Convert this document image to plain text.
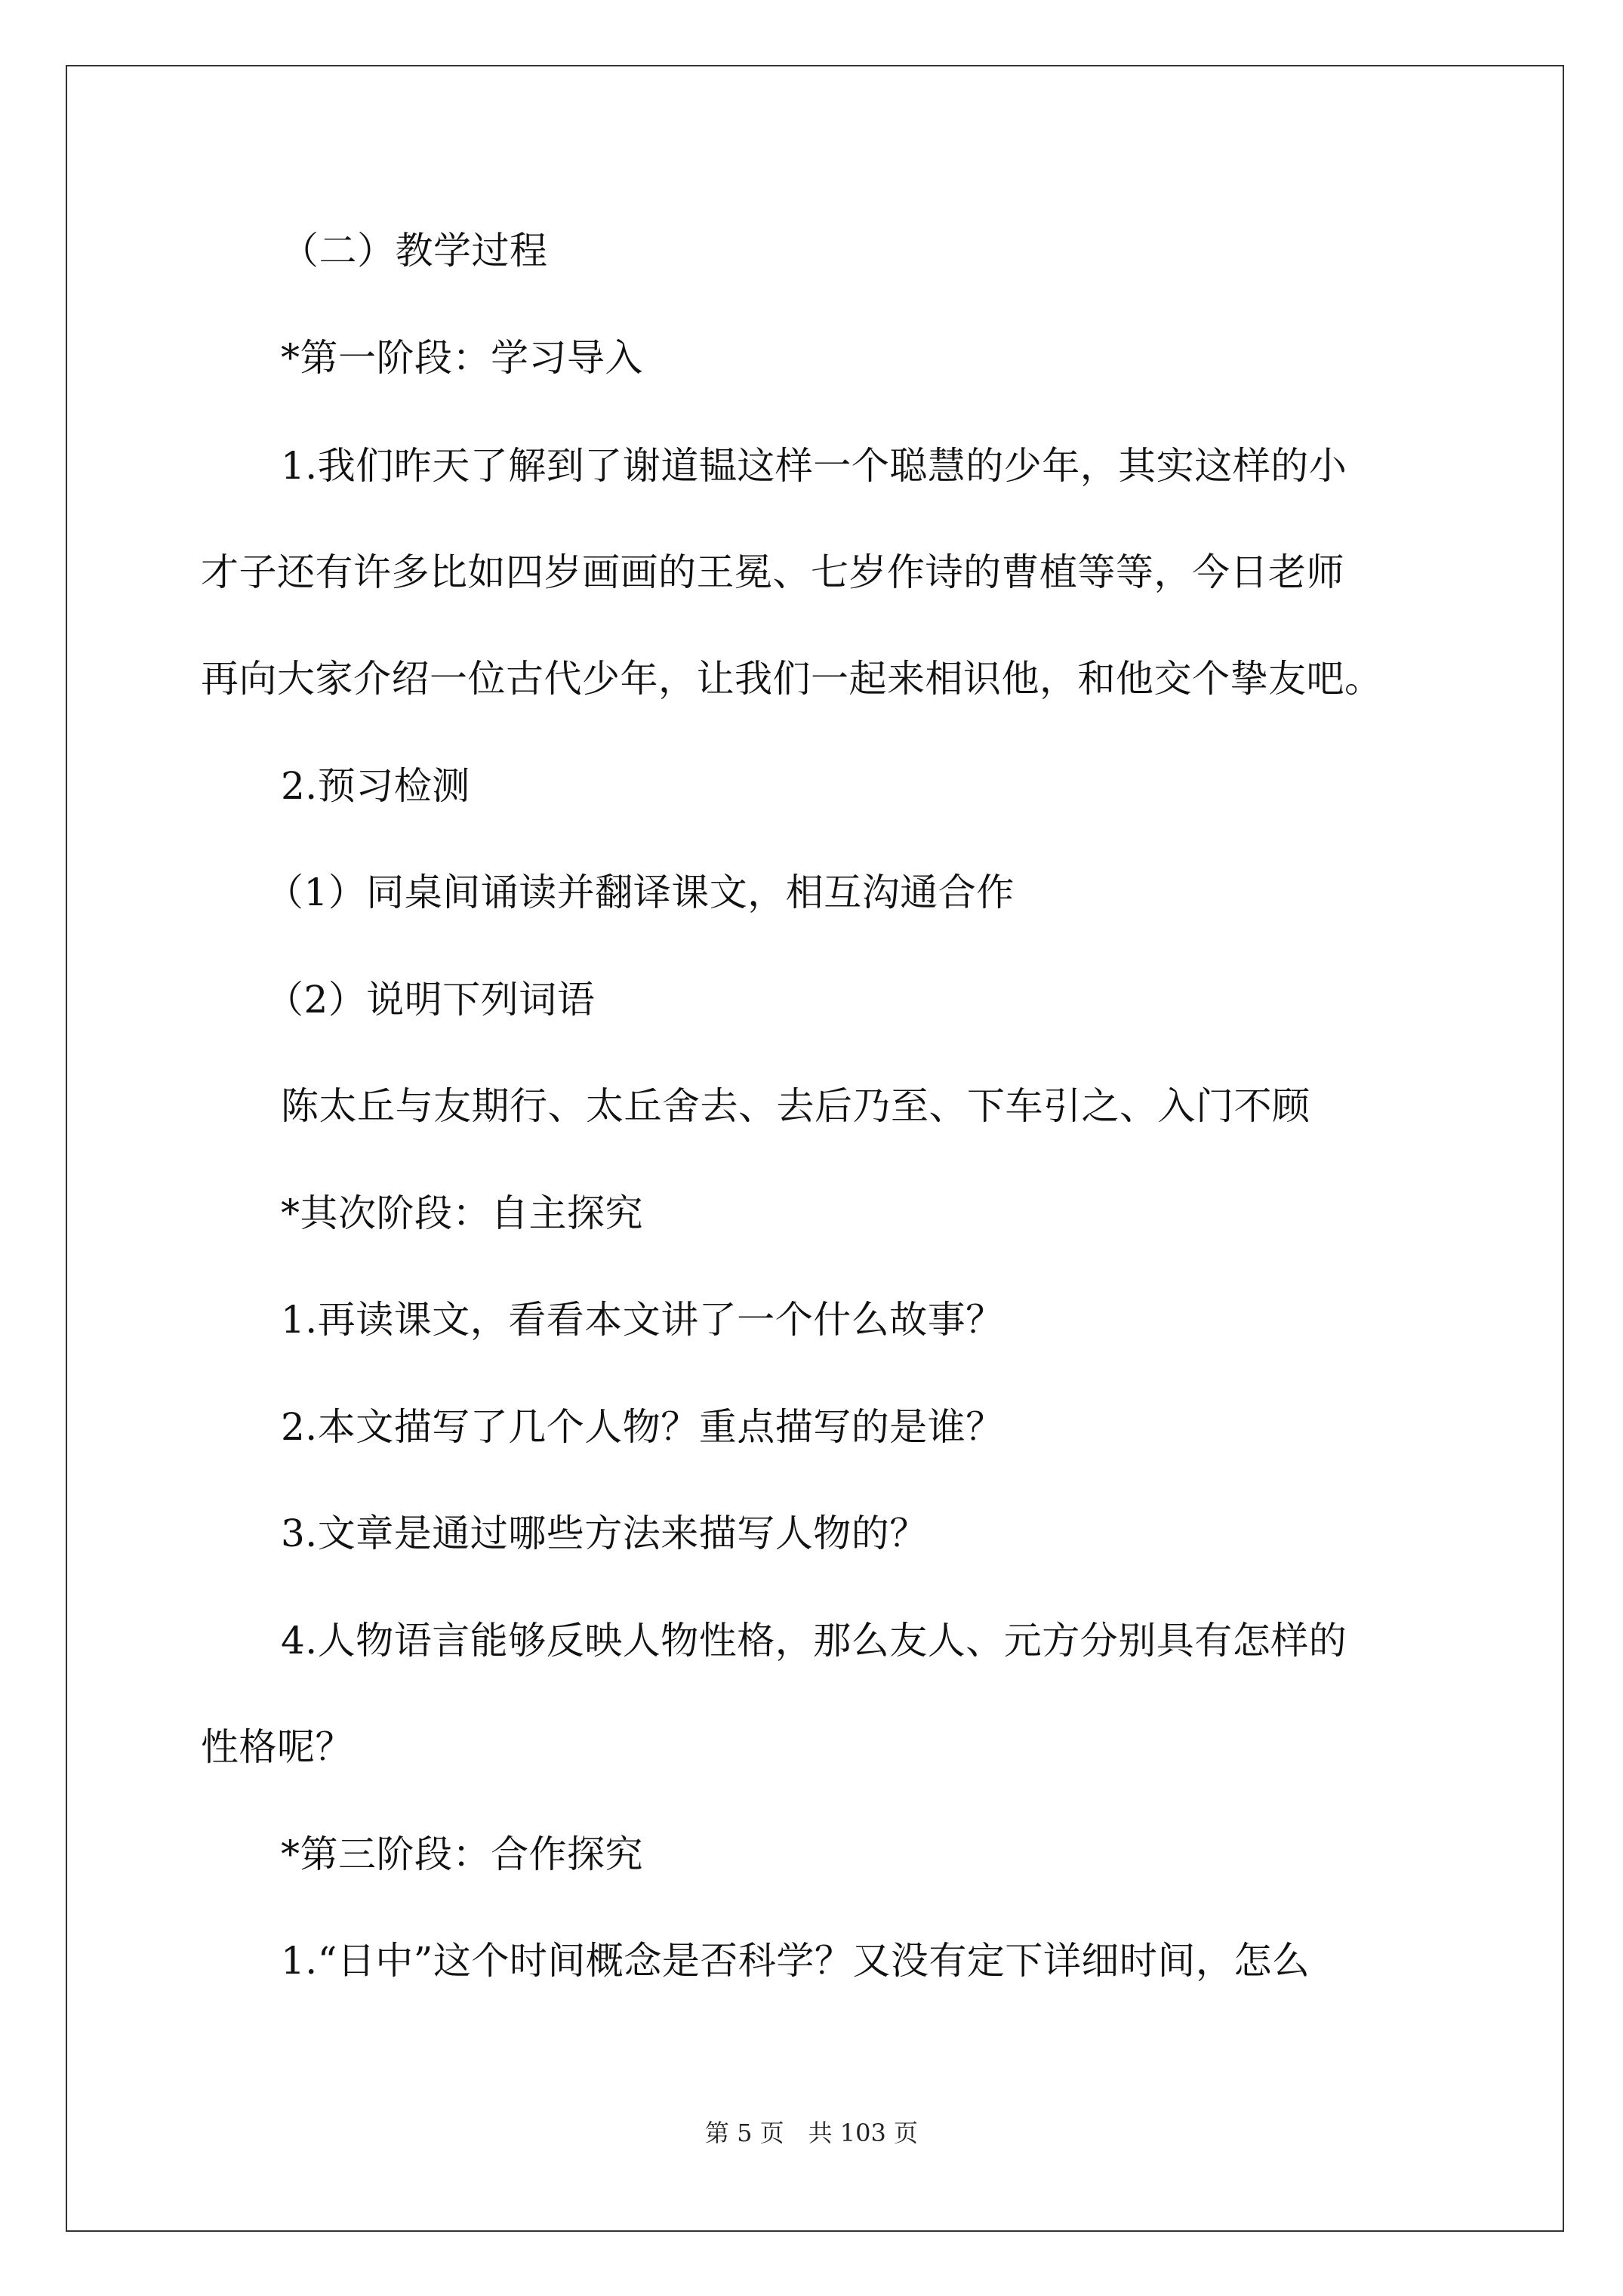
（二）教学过程
*第一阶段：学习导入
1.我们昨天了解到了谢道韫这样一个聪慧的少年，其实这样的小
才子还有许多比如四岁画画的王冕、七岁作诗的曹植等等，今日老师
再向大家介绍一位古代少年，让我们一起来相识他，和他交个挚友吧。
2.预习检测
（1）同桌间诵读并翻译课文，相互沟通合作
（2）说明下列词语
陈太丘与友期行、太丘舍去、去后乃至、下车引之、入门不顾
*其次阶段：自主探究
1.再读课文，看看本文讲了一个什么故事？
2.本文描写了几个人物？重点描写的是谁？
3.文章是通过哪些方法来描写人物的？
4.人物语言能够反映人物性格，那么友人、元方分别具有怎样的
性格呢？
*第三阶段：合作探究
1.“日中”这个时间概念是否科学？又没有定下详细时间，怎么
第 5 页　共 103 页
